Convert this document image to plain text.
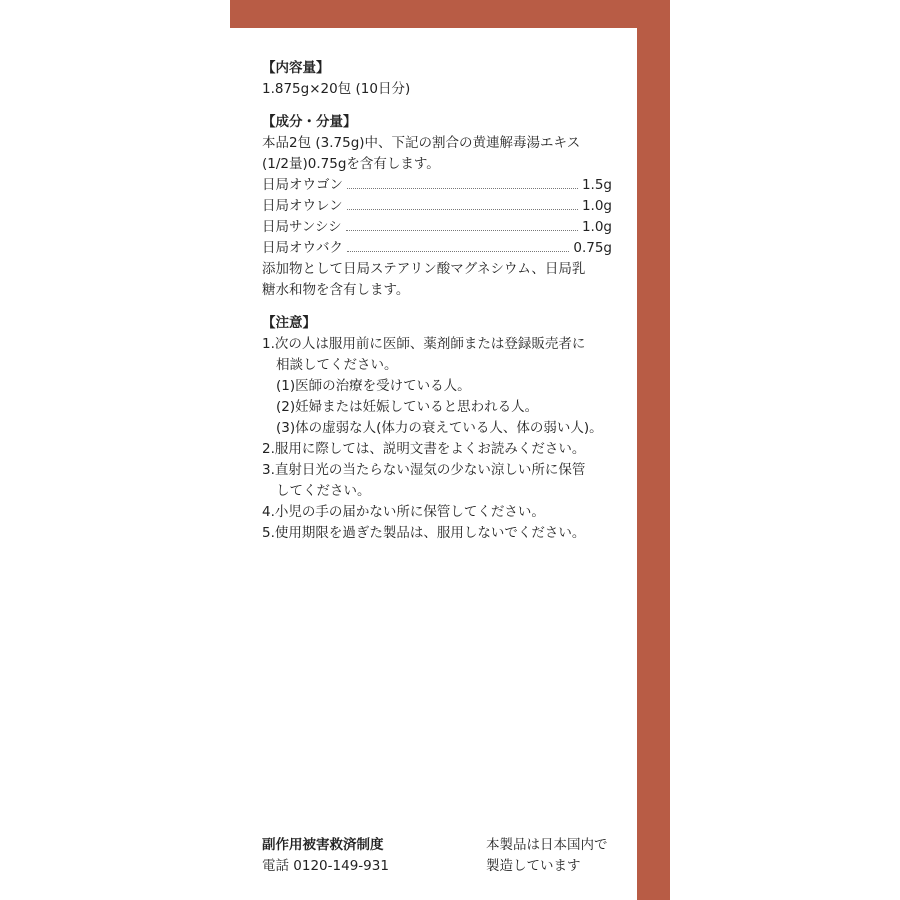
【内容量】
1.875g×20包 (10日分)
【成分・分量】
本品2包 (3.75g)中、下記の割合の黄連解毒湯エキス
(1/2量)0.75gを含有します。
日局オウゴン	1.5g
日局オウレン	1.0g
日局サンシシ	1.0g
日局オウバク	0.75g
添加物として日局ステアリン酸マグネシウム、日局乳
糖水和物を含有します。
【注意】
1.次の人は服用前に医師、薬剤師または登録販売者に
相談してください。
(1)医師の治療を受けている人。
(2)妊婦または妊娠していると思われる人。
(3)体の虚弱な人(体力の衰えている人、体の弱い人)。
2.服用に際しては、説明文書をよくお読みください。
3.直射日光の当たらない湿気の少ない涼しい所に保管
してください。
4.小児の手の届かない所に保管してください。
5.使用期限を過ぎた製品は、服用しないでください。
副作用被害救済制度
電話 0120-149-931
本製品は日本国内で
製造しています
